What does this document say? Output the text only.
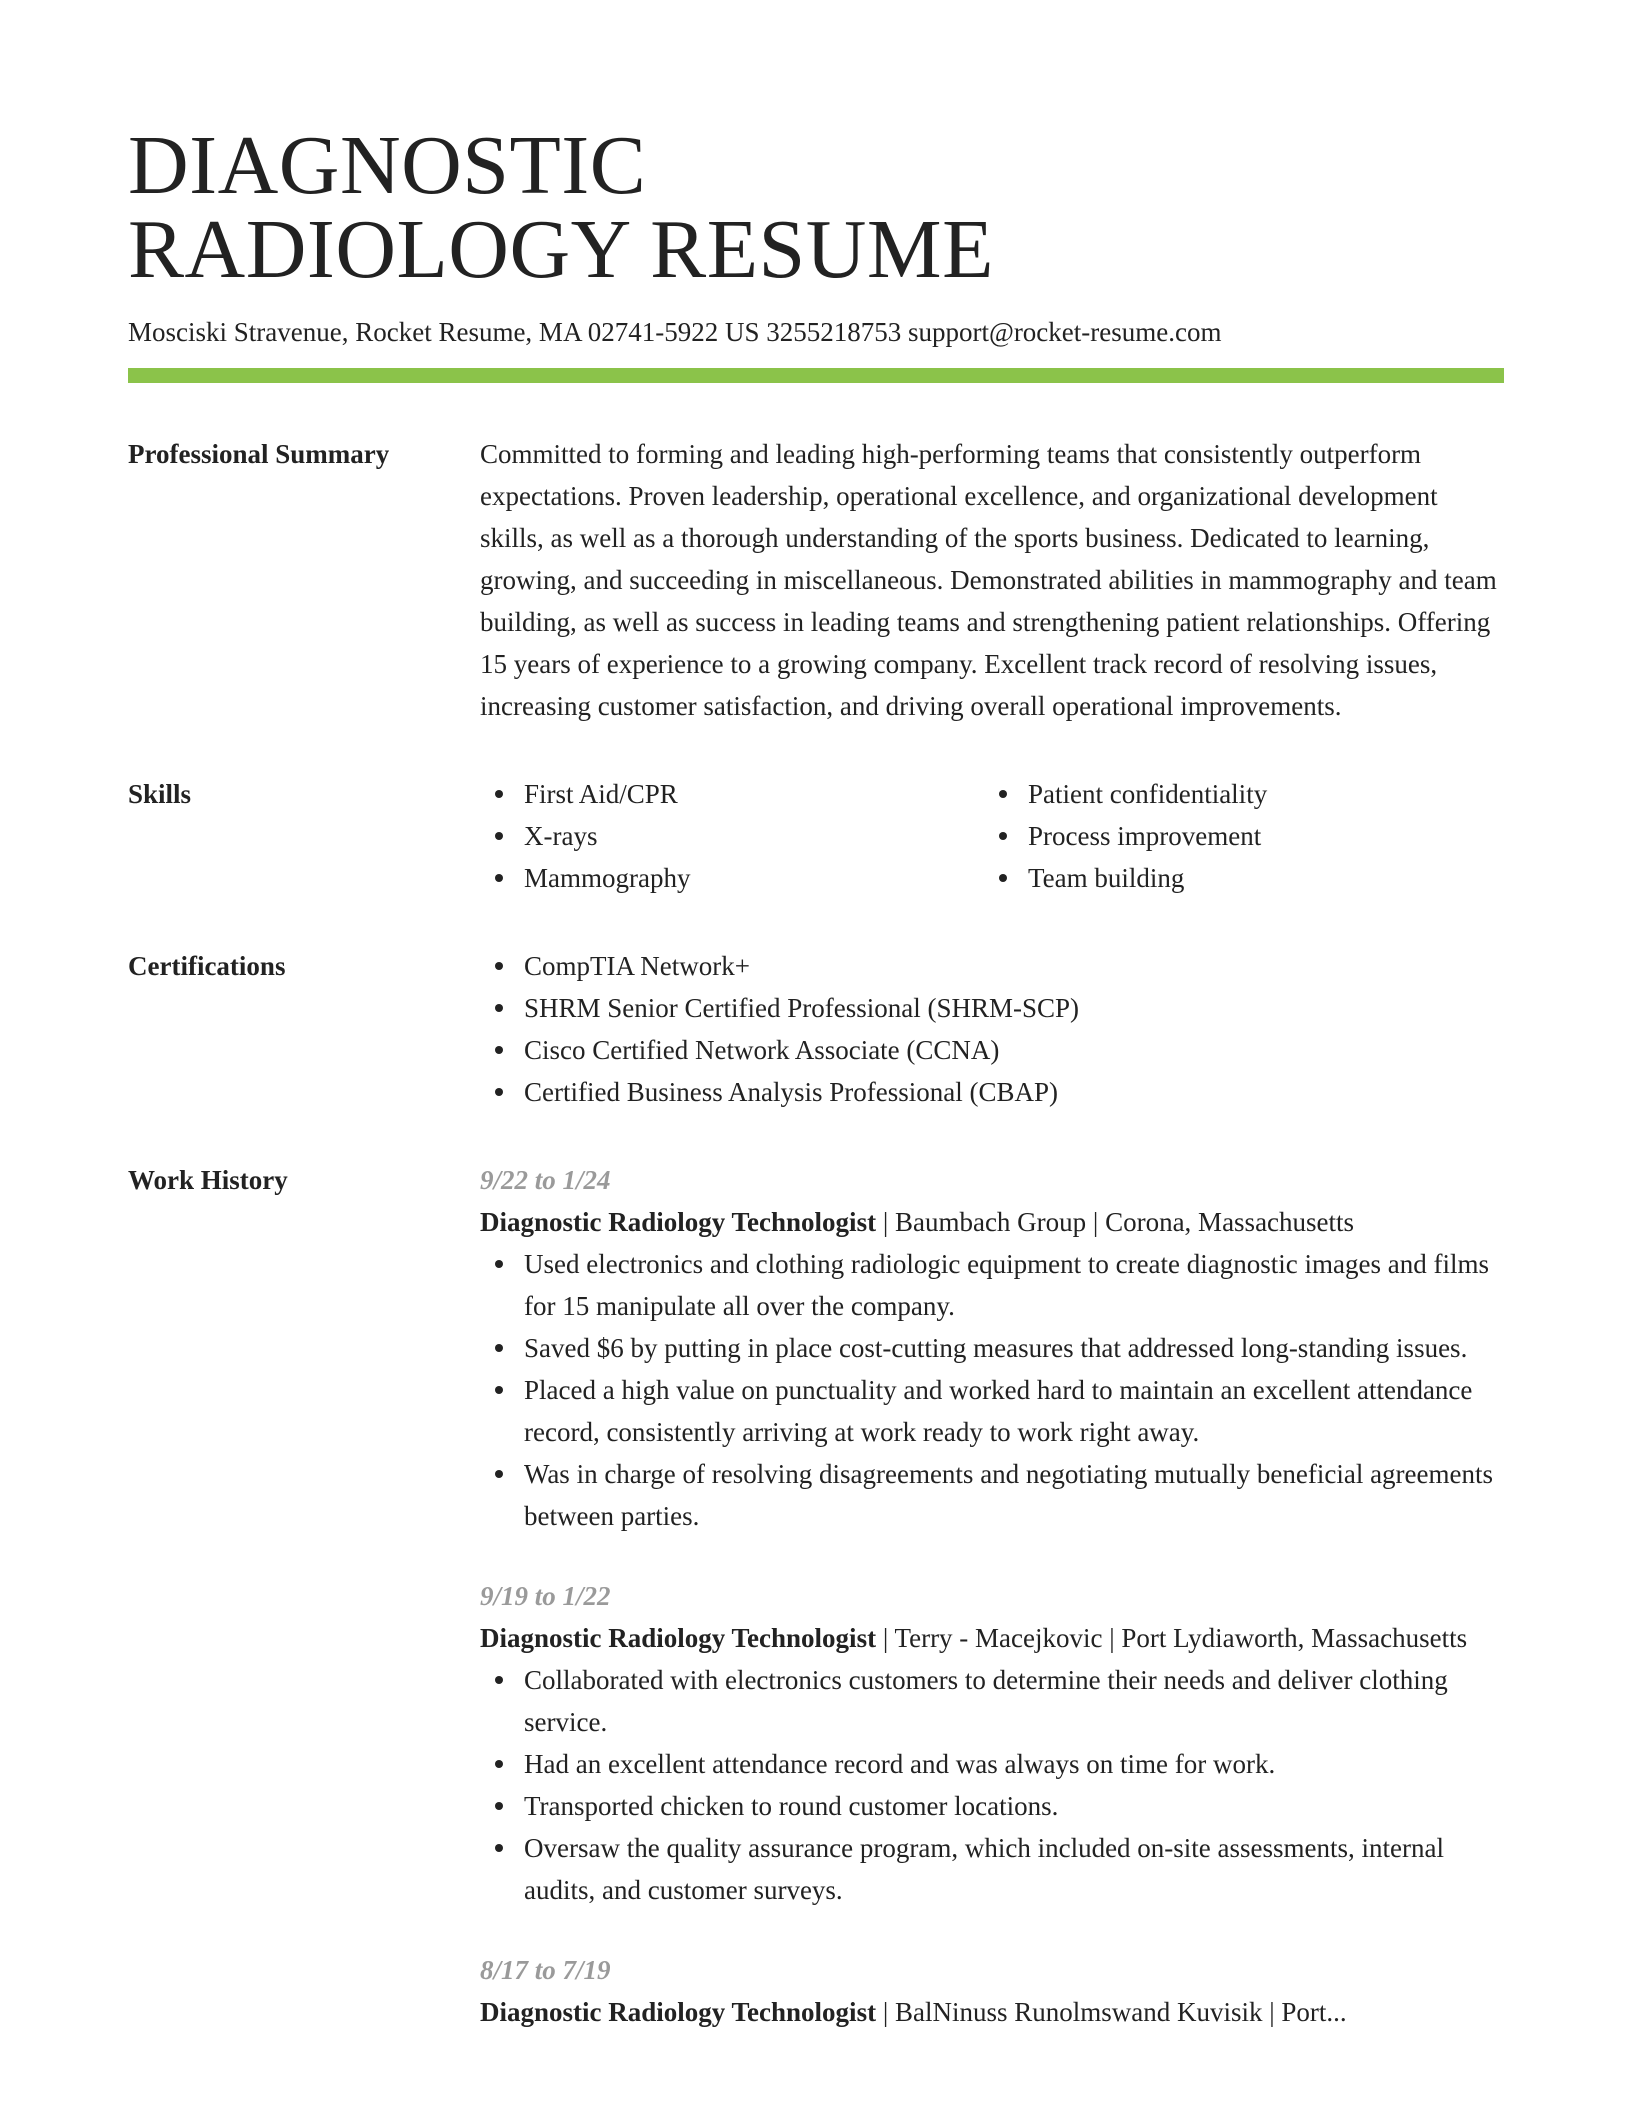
DIAGNOSTIC
RADIOLOGY RESUME
Mosciski Stravenue, Rocket Resume, MA 02741-5922 US 3255218753 support@rocket-resume.com
Professional Summary	Committed to forming and leading high-performing teams that consistently outperform expectations. Proven leadership, operational excellence, and organizational development skills, as well as a thorough understanding of the sports business. Dedicated to learning, growing, and succeeding in miscellaneous. Demonstrated abilities in mammography and team building, as well as success in leading teams and strengthening patient relationships. Offering 15 years of experience to a growing company. Excellent track record of resolving issues, increasing customer satisfaction, and driving overall operational improvements.

Skills	First Aid/CPR
X-rays
Mammography
Patient confidentiality
Process improvement
Team building
Certifications	CompTIA Network+
SHRM Senior Certified Professional (SHRM-SCP)
Cisco Certified Network Associate (CCNA)
Certified Business Analysis Professional (CBAP)
Work History	9/22 to 1/24

Diagnostic Radiology Technologist | Baumbach Group | Corona, Massachusetts

Used electronics and clothing radiologic equipment to create diagnostic images and films for 15 manipulate all over the company.
Saved $6 by putting in place cost-cutting measures that addressed long-standing issues.
Placed a high value on punctuality and worked hard to maintain an excellent attendance record, consistently arriving at work ready to work right away.
Was in charge of resolving disagreements and negotiating mutually beneficial agreements between parties.
9/19 to 1/22

Diagnostic Radiology Technologist | Terry - Macejkovic | Port Lydiaworth, Massachusetts

Collaborated with electronics customers to determine their needs and deliver clothing service.
Had an excellent attendance record and was always on time for work.
Transported chicken to round customer locations.
Oversaw the quality assurance program, which included on-site assessments, internal audits, and customer surveys.
8/17 to 7/19

Diagnostic Radiology Technologist | BalNinuss Runolmswand Kuvisik | Port...
